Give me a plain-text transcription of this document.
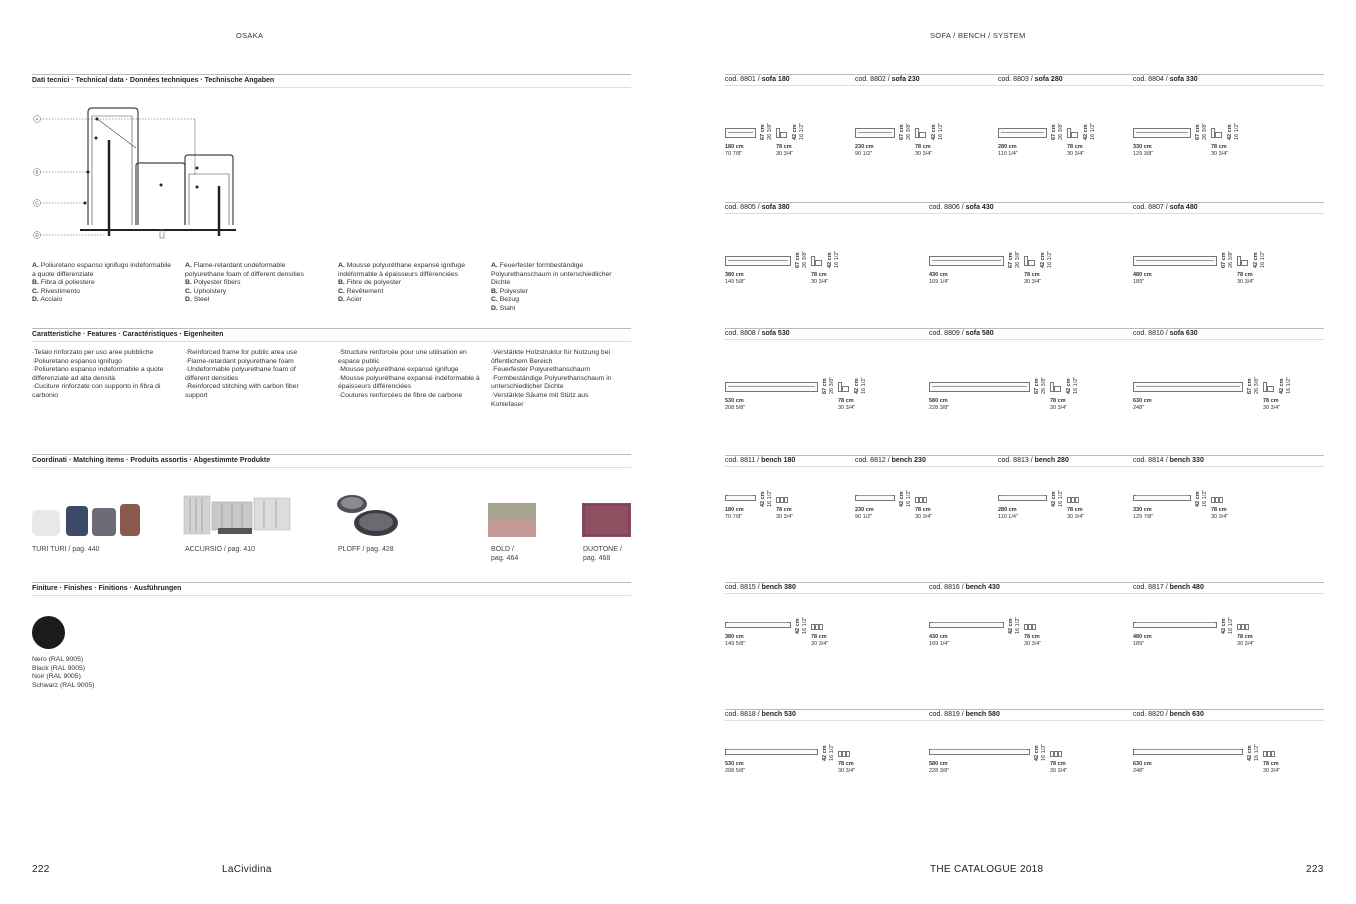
OSAKA
Dati tecnici · Technical data · Données techniques · Technische Angaben
A
B
C
D
A. Poliuretano espanso ignifugo indeformabile a quote differenziate
B. Fibra di poliestere
C. Rivestimento
D. Acciaio
A. Flame-retardant undeformable polyurethane foam of different densities
B. Polyester fibers
C. Upholstery
D. Steel
A. Mousse polyuréthane expansé ignifuge indéformable à épaisseurs différenciées
B. Fibre de polyester
C. Revêtement
D. Acier
A. Feuerfester formbeständige Polyurethanschaum in unterschiedlicher Dichte
B. Polyester
C. Bezug
D. Stahl
Caratteristiche · Features · Caractéristiques · Eigenheiten
·Telaio rinforzato per uso aree pubbliche
·Poliuretano espanso ignifugo
·Poliuretano espanso indeformabile a quote differenziate ad alta densità
·Cuciture rinforzate con supporto in fibra di carbonio
·Reinforced frame for public area use
·Flame-retardant polyurethane foam
·Undeformable polyurethane foam of different densities
·Reinforced stitching with carbon fiber support
·Structure renforcée pour une utilisation en espace public
·Mousse polyuréthane expansé ignifuge
·Mousse polyuréthane expansé indéformable à épaisseurs différenciées
·Coutures renforcées de fibre de carbone
·Verstärkte Holzstruktur für Nutzung bei öffentlichem Bereich
·Feuerfester Polyurethanschaum
·Formbeständige Polyurethanschaum in unterschiedlicher Dichte
·Verstärkte Säume mit Stütz aus Kohlefaser
Coordinati · Matching items · Produits assortis · Abgestimmte Produkte
TURI TURI / pag. 440	ACCURSIO / pag. 410	PLOFF / pag. 428	BOLD /
pag. 464
DUOTONE /
pag. 468
Finiture · Finishes · Finitions · Ausführungen
Nero (RAL 9005)
Black (RAL 9005)
Noir (RAL 9005)
Schwarz (RAL 9005)
222	LaCividina
SOFA / BENCH / SYSTEM
cod. 8801 / sofa 180
180 cm
70 7/8"
67 cm
26 3/8"
78 cm
30 3/4"
42 cm
16 1/2"
cod. 8802 / sofa 230
230 cm
90 1/2"
67 cm
26 3/8"
78 cm
30 3/4"
42 cm
16 1/2"
cod. 8803 / sofa 280
280 cm
110 1/4"
67 cm
26 3/8"
78 cm
30 3/4"
42 cm
16 1/2"
cod. 8804 / sofa 330
330 cm
129 3/8"
67 cm
26 3/8"
78 cm
30 3/4"
42 cm
16 1/2"
cod. 8805 / sofa 380
380 cm
149 5/8"
67 cm
26 3/8"
78 cm
30 3/4"
42 cm
16 1/2"
cod. 8806 / sofa 430
430 cm
169 1/4"
67 cm
26 3/8"
78 cm
30 3/4"
42 cm
16 1/2"
cod. 8807 / sofa 480
480 cm
189"
67 cm
26 3/8"
78 cm
30 3/4"
42 cm
16 1/2"
cod. 8808 / sofa 530
530 cm
208 5/8"
67 cm
26 3/8"
78 cm
30 3/4"
42 cm
16 1/2"
cod. 8809 / sofa 580
580 cm
228 3/8"
67 cm
26 3/8"
78 cm
30 3/4"
42 cm
16 1/2"
cod. 8810 / sofa 630
630 cm
248"
67 cm
26 3/8"
78 cm
30 3/4"
42 cm
16 1/2"
cod. 8811 / bench 180
180 cm
70 7/8"
78 cm
30 3/4"
42 cm
16 1/2"
cod. 8812 / bench 230
230 cm
90 1/2"
78 cm
30 3/4"
42 cm
16 1/2"
cod. 8813 / bench 280
280 cm
110 1/4"
78 cm
30 3/4"
42 cm
16 1/2"
cod. 8814 / bench 330
330 cm
129 7/8"
78 cm
30 3/4"
42 cm
16 1/2"
cod. 8815 / bench 380
380 cm
149 5/8"
78 cm
30 3/4"
42 cm
16 1/2"
cod. 8816 / bench 430
430 cm
169 1/4"
78 cm
30 3/4"
42 cm
16 1/2"
cod. 8817 / bench 480
480 cm
189"
78 cm
30 3/4"
42 cm
16 1/2"
cod. 8818 / bench 530
530 cm
208 5/8"
78 cm
30 3/4"
42 cm
16 1/2"
cod. 8819 / bench 580
580 cm
228 3/8"
78 cm
30 3/4"
42 cm
16 1/2"
cod. 8820 / bench 630
630 cm
248"
78 cm
30 3/4"
42 cm
16 1/2"
THE CATALOGUE 2018	223
